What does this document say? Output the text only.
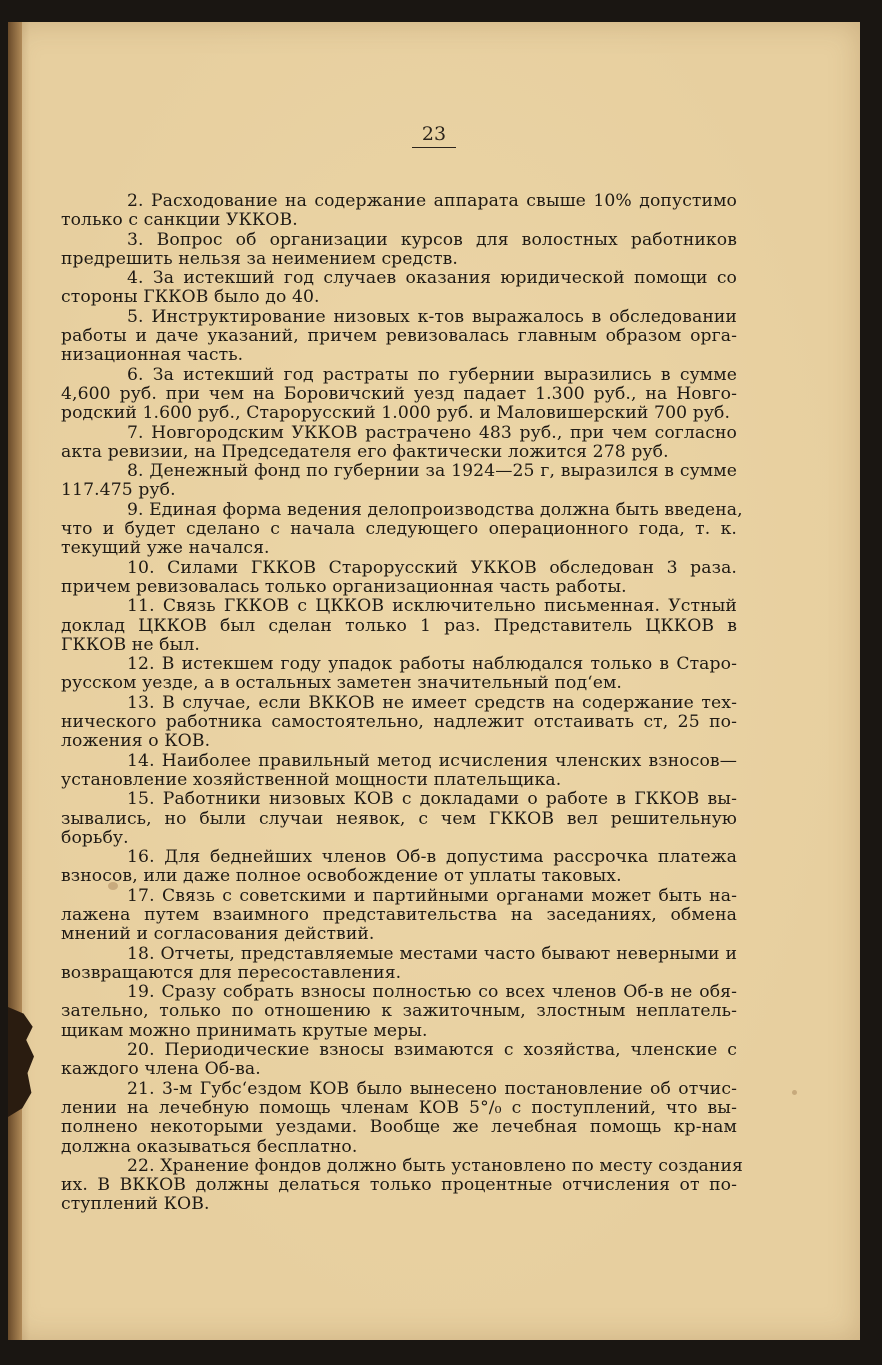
23
2. Расходование на содержание аппарата свыше 10% допустимо
только с санкции УККОВ.
3. Вопрос об организации курсов для волостных работников
предрешить нельзя за неимением средств.
4. За истекший год случаев оказания юридической помощи со
стороны ГККОВ было до 40.
5. Инструктирование низовых к-тов выражалось в обследовании
работы и даче указаний, причем ревизовалась главным образом орга-
низационная часть.
6. За истекший год растраты по губернии выразились в сумме
4,600 руб. при чем на Боровичский уезд падает 1.300 руб., на Новго-
родский 1.600 руб., Старорусский 1.000 руб. и Маловишерский 700 руб.
7. Новгородским УККОВ растрачено 483 руб., при чем согласно
акта ревизии, на Председателя его фактически ложится 278 руб.
8. Денежный фонд по губернии за 1924—25 г, выразился в сумме
117.475 руб.
9. Единая форма ведения делопроизводства должна быть введена,
что и будет сделано с начала следующего операционного года, т. к.
текущий уже начался.
10. Силами ГККОВ Старорусский УККОВ обследован 3 раза.
причем ревизовалась только организационная часть работы.
11. Связь ГККОВ с ЦККОВ исключительно письменная. Устный
доклад ЦККОВ был сделан только 1 раз. Представитель ЦККОВ в
ГККОВ не был.
12. В истекшем году упадок работы наблюдался только в Старо-
русском уезде, а в остальных заметен значительный под‘ем.
13. В случае, если ВККОВ не имеет средств на содержание тех-
нического работника самостоятельно, надлежит отстаивать ст, 25 по-
ложения о КОВ.
14. Наиболее правильный метод исчисления членских взносов—
установление хозяйственной мощности плательщика.
15. Работники низовых КОВ с докладами о работе в ГККОВ вы-
зывались, но были случаи неявок, с чем ГККОВ вел решительную
борьбу.
16. Для беднейших членов Об-в допустима рассрочка платежа
взносов, или даже полное освобождение от уплаты таковых.
17. Связь с советскими и партийными органами может быть на-
лажена путем взаимного представительства на заседаниях, обмена
мнений и согласования действий.
18. Отчеты, представляемые местами часто бывают неверными и
возвращаются для пересоставления.
19. Сразу собрать взносы полностью со всех членов Об-в не обя-
зательно, только по отношению к зажиточным, злостным неплатель-
щикам можно принимать крутые меры.
20. Периодические взносы взимаются с хозяйства, членские с
каждого члена Об-ва.
21. 3-м Губс‘ездом КОВ было вынесено постановление об отчис-
лении на лечебную помощь членам КОВ 5°/₀ с поступлений, что вы-
полнено некоторыми уездами. Вообще же лечебная помощь кр-нам
должна оказываться бесплатно.
22. Хранение фондов должно быть установлено по месту создания
их. В ВККОВ должны делаться только процентные отчисления от по-
ступлений КОВ.
